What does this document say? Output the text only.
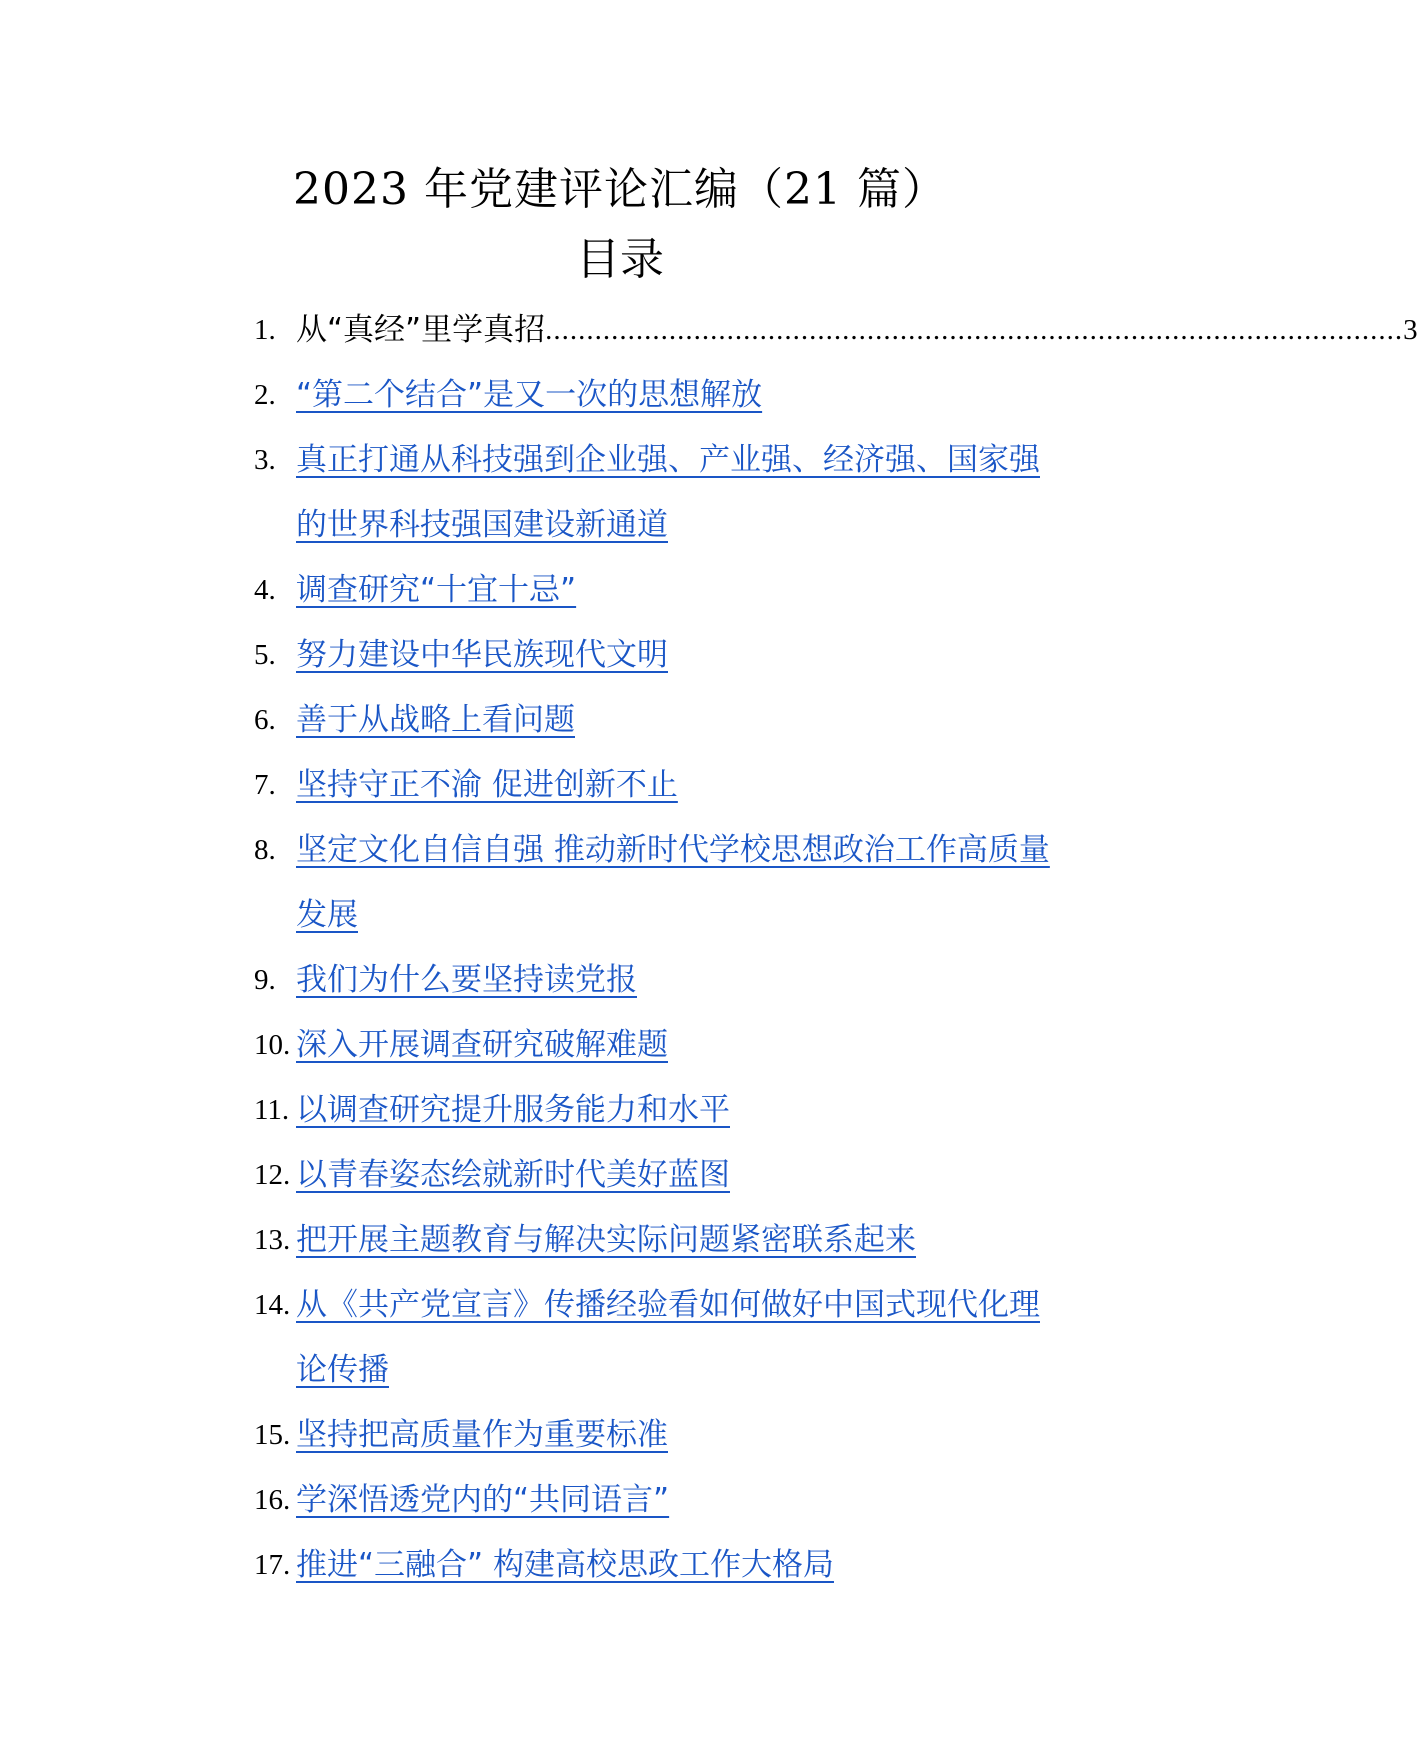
2023 年党建评论汇编（21 篇）
目录
1. 从“真经”里学真招 ........................................................................................................ 3
2. “第二个结合”是又一次的思想解放
3. 真正打通从科技强到企业强、产业强、经济强、国家强的世界科技强国建设新通道
4. 调查研究“十宜十忌”
5. 努力建设中华民族现代文明
6. 善于从战略上看问题
7. 坚持守正不渝 促进创新不止
8. 坚定文化自信自强 推动新时代学校思想政治工作高质量发展
9. 我们为什么要坚持读党报
10. 深入开展调查研究破解难题
11. 以调查研究提升服务能力和水平
12. 以青春姿态绘就新时代美好蓝图
13. 把开展主题教育与解决实际问题紧密联系起来
14. 从《共产党宣言》传播经验看如何做好中国式现代化理论传播
15. 坚持把高质量作为重要标准
16. 学深悟透党内的“共同语言”
17. 推进“三融合” 构建高校思政工作大格局
